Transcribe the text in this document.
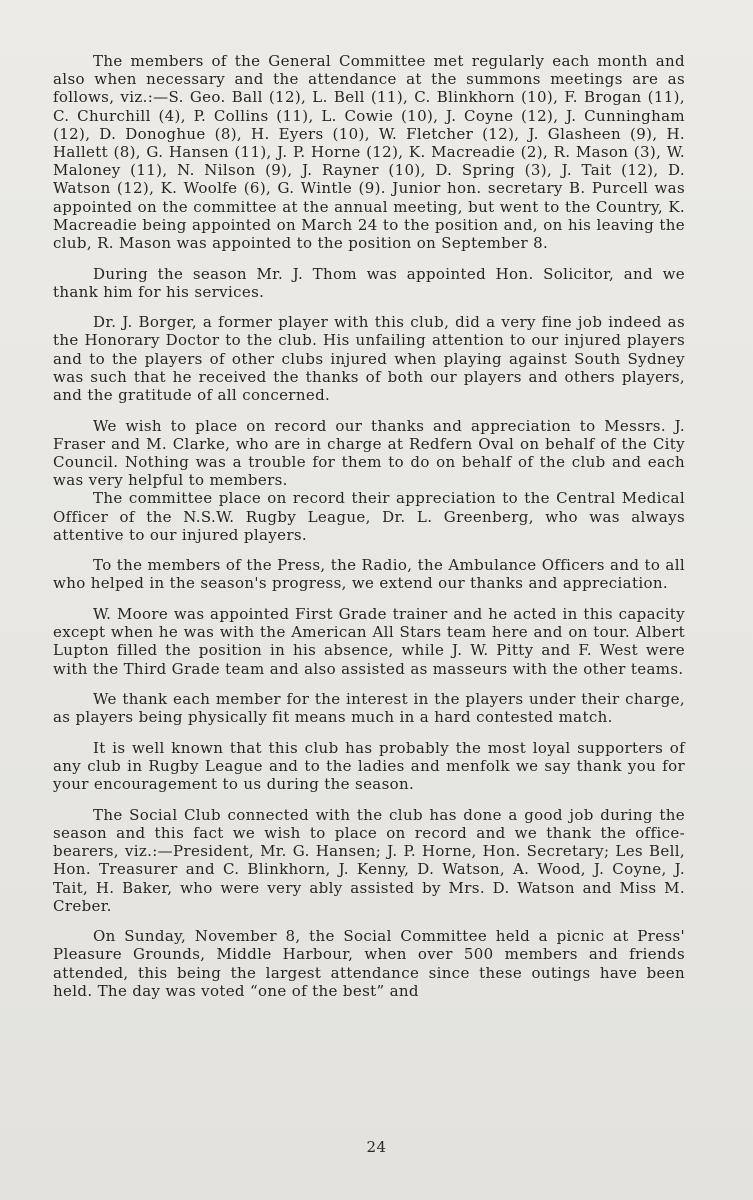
The members of the General Committee met regularly each month and also when necessary and the attendance at the summons meetings are as follows, viz.:—S. Geo. Ball (12), L. Bell (11), C. Blinkhorn (10), F. Brogan (11), C. Churchill (4), P. Collins (11), L. Cowie (10), J. Coyne (12), J. Cunningham (12), D. Donoghue (8), H. Eyers (10), W. Fletcher (12), J. Glasheen (9), H. Hallett (8), G. Hansen (11), J. P. Horne (12), K. Macreadie (2), R. Mason (3), W. Maloney (11), N. Nilson (9), J. Rayner (10), D. Spring (3), J. Tait (12), D. Watson (12), K. Woolfe (6), G. Wintle (9). Junior hon. secretary B. Purcell was appointed on the committee at the annual meeting, but went to the Country, K. Macreadie being appointed on March 24 to the position and, on his leaving the club, R. Mason was appointed to the position on September 8.

During the season Mr. J. Thom was appointed Hon. Solicitor, and we thank him for his services.

Dr. J. Borger, a former player with this club, did a very fine job indeed as the Honorary Doctor to the club. His unfailing attention to our injured players and to the players of other clubs injured when playing against South Sydney was such that he received the thanks of both our players and others players, and the gratitude of all concerned.

We wish to place on record our thanks and appreciation to Messrs. J. Fraser and M. Clarke, who are in charge at Redfern Oval on behalf of the City Council. Nothing was a trouble for them to do on behalf of the club and each was very helpful to members.

The committee place on record their appreciation to the Central Medical Officer of the N.S.W. Rugby League, Dr. L. Greenberg, who was always attentive to our injured players.

To the members of the Press, the Radio, the Ambulance Officers and to all who helped in the season's progress, we extend our thanks and appreciation.

W. Moore was appointed First Grade trainer and he acted in this capacity except when he was with the American All Stars team here and on tour. Albert Lupton filled the position in his absence, while J. W. Pitty and F. West were with the Third Grade team and also assisted as masseurs with the other teams.

We thank each member for the interest in the players under their charge, as players being physically fit means much in a hard contested match.

It is well known that this club has probably the most loyal supporters of any club in Rugby League and to the ladies and menfolk we say thank you for your encouragement to us during the season.

The Social Club connected with the club has done a good job during the season and this fact we wish to place on record and we thank the office-bearers, viz.:—President, Mr. G. Hansen; J. P. Horne, Hon. Secretary; Les Bell, Hon. Treasurer and C. Blinkhorn, J. Kenny, D. Watson, A. Wood, J. Coyne, J. Tait, H. Baker, who were very ably assisted by Mrs. D. Watson and Miss M. Creber.

On Sunday, November 8, the Social Committee held a picnic at Press' Pleasure Grounds, Middle Harbour, when over 500 members and friends attended, this being the largest attendance since these outings have been held. The day was voted “one of the best” and

24
